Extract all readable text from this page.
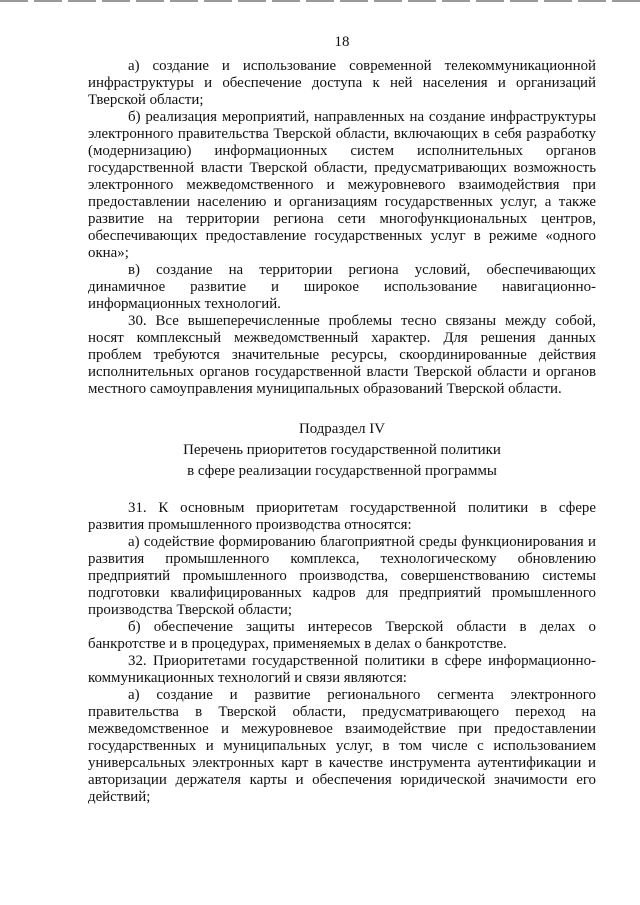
18

а) создание и использование современной телекоммуникационной инфраструктуры и обеспечение доступа к ней населения и организаций Тверской области;

б) реализация мероприятий, направленных на создание инфраструктуры электронного правительства Тверской области, включающих в себя разработку (модернизацию) информационных систем исполнительных органов государственной власти Тверской области, предусматривающих возможность электронного межведомственного и межуровневого взаимодействия при предоставлении населению и организациям государственных услуг, а также развитие на территории региона сети многофункциональных центров, обеспечивающих предоставление государственных услуг в режиме «одного окна»;

в) создание на территории региона условий, обеспечивающих динамичное развитие и широкое использование навигационно-информационных технологий.

30. Все вышеперечисленные проблемы тесно связаны между собой, носят комплексный межведомственный характер. Для решения данных проблем требуются значительные ресурсы, скоординированные действия исполнительных органов государственной власти Тверской области и органов местного самоуправления муниципальных образований Тверской области.

Подраздел IV

Перечень приоритетов государственной политики

в сфере реализации государственной программы

31. К основным приоритетам государственной политики в сфере развития промышленного производства относятся:

а) содействие формированию благоприятной среды функционирования и развития промышленного комплекса, технологическому обновлению предприятий промышленного производства, совершенствованию системы подготовки квалифицированных кадров для предприятий промышленного производства Тверской области;

б) обеспечение защиты интересов Тверской области в делах о банкротстве и в процедурах, применяемых в делах о банкротстве.

32. Приоритетами государственной политики в сфере информационно-коммуникационных технологий и связи являются:

а) создание и развитие регионального сегмента электронного правительства в Тверской области, предусматривающего переход на межведомственное и межуровневое взаимодействие при предоставлении государственных и муниципальных услуг, в том числе с использованием универсальных электронных карт в качестве инструмента аутентификации и авторизации держателя карты и обеспечения юридической значимости его действий;
